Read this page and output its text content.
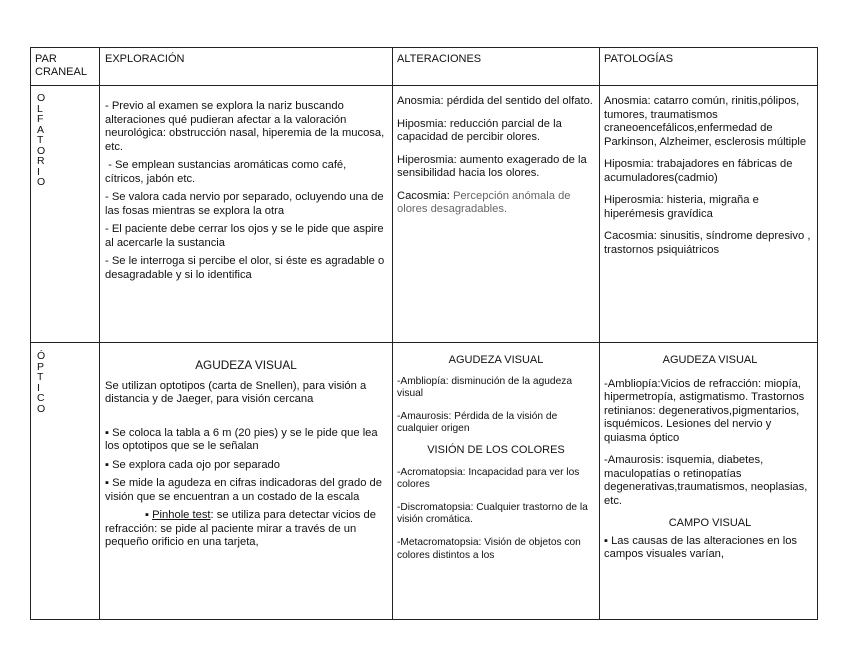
PAR CRANEAL
EXPLORACIÓN	ALTERACIONES	PATOLOGÍAS
O
L
F
A
T
O
R
I
O

- Previo al examen se explora la nariz buscando alteraciones qué pudieran afectar a la valoración neurológica: obstrucción nasal, hiperemia de la mucosa, etc.

- Se emplean sustancias aromáticas como café, cítricos, jabón etc.

- Se valora cada nervio por separado, ocluyendo una de las fosas mientras se explora la otra

- El paciente debe cerrar los ojos y se le pide que aspire al acercarle la sustancia

- Se le interroga si percibe el olor, si éste es agradable o desagradable y si lo identifica

Anosmia: pérdida del sentido del olfato.

Hiposmia: reducción parcial de la capacidad de percibir olores.

Hiperosmia: aumento exagerado de la sensibilidad hacia los olores.

Cacosmia: Percepción anómala de olores desagradables.

Anosmia: catarro común, rinitis,pólipos, tumores, traumatismos craneoencefálicos,enfermedad de Parkinson, Alzheimer, esclerosis múltiple

Hiposmia: trabajadores en fábricas de acumuladores(cadmio)

Hiperosmia: histeria, migraña e hiperémesis gravídica

Cacosmia: sinusitis, síndrome depresivo , trastornos psiquiátricos

Ó
P
T
I
C
O

AGUDEZA VISUAL

Se utilizan optotipos (carta de Snellen), para visión a distancia y de Jaeger, para visión cercana

▪ Se coloca la tabla a 6 m (20 pies) y se le pide que lea los optotipos que se le señalan

▪ Se explora cada ojo por separado

▪ Se mide la agudeza en cifras indicadoras del grado de visión que se encuentran a un costado de la escala

▪ Pinhole test: se utiliza para detectar vicios de refracción: se pide al paciente mirar a través de un pequeño orificio en una tarjeta,

AGUDEZA VISUAL

-Ambliopía: disminución de la agudeza visual

-Amaurosis: Pérdida de la visión de cualquier origen

VISIÓN DE LOS COLORES

-Acromatopsia: Incapacidad para ver los colores

-Discromatopsia: Cualquier trastorno de la visión cromática.

-Metacromatopsia: Visión de objetos con colores distintos a los

AGUDEZA VISUAL

-Ambliopía:Vicios de refracción: miopía, hipermetropía, astigmatismo. Trastornos retinianos: degenerativos,pigmentarios, isquémicos. Lesiones del nervio y quiasma óptico

-Amaurosis: isquemia, diabetes, maculopatías o retinopatías degenerativas,traumatismos, neoplasias, etc.

CAMPO VISUAL

▪ Las causas de las alteraciones en los campos visuales varían,
